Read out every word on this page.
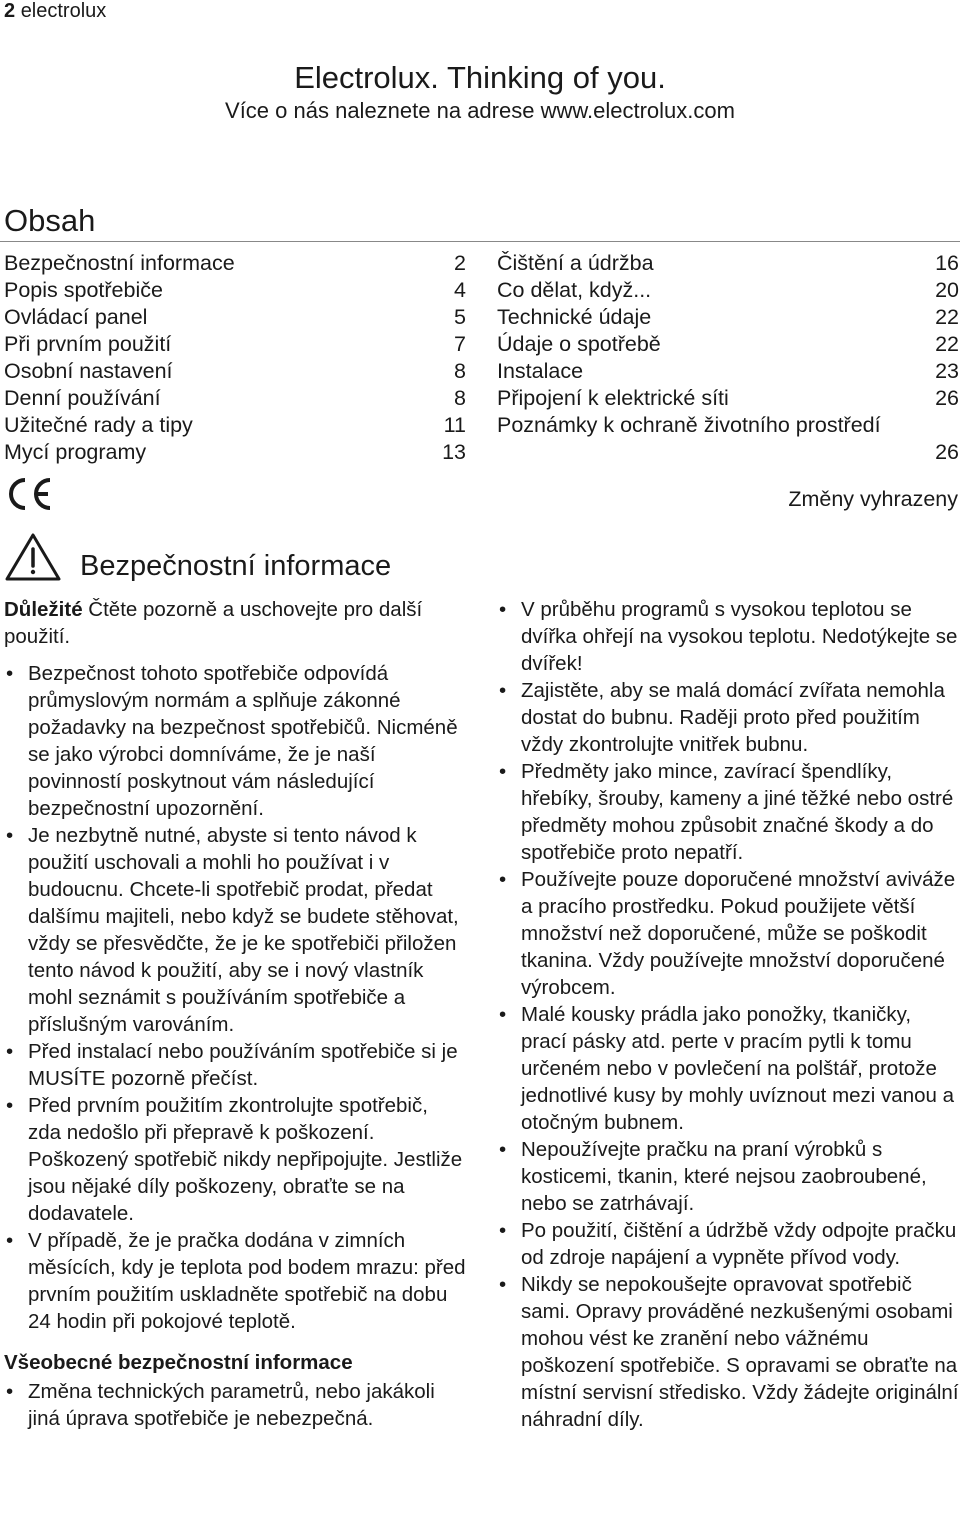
2 electrolux
Electrolux. Thinking of you.
Více o nás naleznete na adrese www.electrolux.com
Obsah
Bezpečnostní informace	2
Popis spotřebiče	4
Ovládací panel	5
Při prvním použití	7
Osobní nastavení	8
Denní používání	8
Užitečné rady a tipy	11
Mycí programy	13
Čištění a údržba	16
Co dělat, když...	20
Technické údaje	22
Údaje o spotřebě	22
Instalace	23
Připojení k elektrické síti	26
Poznámky k ochraně životního prostředí
26
Změny vyhrazeny
Bezpečnostní informace

Důležité Čtěte pozorně a uschovejte pro další použití.

• Bezpečnost tohoto spotřebiče odpovídá průmyslovým normám a splňuje zákonné požadavky na bezpečnost spotřebičů. Nicméně se jako výrobci domníváme, že je naší povinností poskytnout vám následující bezpečnostní upozornění.
• Je nezbytně nutné, abyste si tento návod k použití uschovali a mohli ho používat i v budoucnu. Chcete-li spotřebič prodat, předat dalšímu majiteli, nebo když se budete stěhovat, vždy se přesvědčte, že je ke spotřebiči přiložen tento návod k použití, aby se i nový vlastník mohl seznámit s používáním spotřebiče a příslušným varováním.
• Před instalací nebo používáním spotřebiče si je MUSÍTE pozorně přečíst.
• Před prvním použitím zkontrolujte spotřebič, zda nedošlo při přepravě k poškození. Poškozený spotřebič nikdy nepřipojujte. Jestliže jsou nějaké díly poškozeny, obraťte se na dodavatele.
• V případě, že je pračka dodána v zimních měsících, kdy je teplota pod bodem mrazu: před prvním použitím uskladněte spotřebič na dobu 24 hodin při pokojové teplotě.

Všeobecné bezpečnostní informace

• Změna technických parametrů, nebo jakákoli jiná úprava spotřebiče je nebezpečná.
• V průběhu programů s vysokou teplotou se dvířka ohřejí na vysokou teplotu. Nedotýkejte se dvířek!
• Zajistěte, aby se malá domácí zvířata nemohla dostat do bubnu. Raději proto před použitím vždy zkontrolujte vnitřek bubnu.
• Předměty jako mince, zavírací špendlíky, hřebíky, šrouby, kameny a jiné těžké nebo ostré předměty mohou způsobit značné škody a do spotřebiče proto nepatří.
• Používejte pouze doporučené množství aviváže a pracího prostředku. Pokud použijete větší množství než doporučené, může se poškodit tkanina. Vždy používejte množství doporučené výrobcem.
• Malé kousky prádla jako ponožky, tkaničky, prací pásky atd. perte v pracím pytli k tomu určeném nebo v povlečení na polštář, protože jednotlivé kusy by mohly uvíznout mezi vanou a otočným bubnem.
• Nepoužívejte pračku na praní výrobků s kosticemi, tkanin, které nejsou zaobroubené, nebo se zatrhávají.
• Po použití, čištění a údržbě vždy odpojte pračku od zdroje napájení a vypněte přívod vody.
• Nikdy se nepokoušejte opravovat spotřebič sami. Opravy prováděné nezkušenými osobami mohou vést ke zranění nebo vážnému poškození spotřebiče. S opravami se obraťte na místní servisní středisko. Vždy žádejte originální náhradní díly.
